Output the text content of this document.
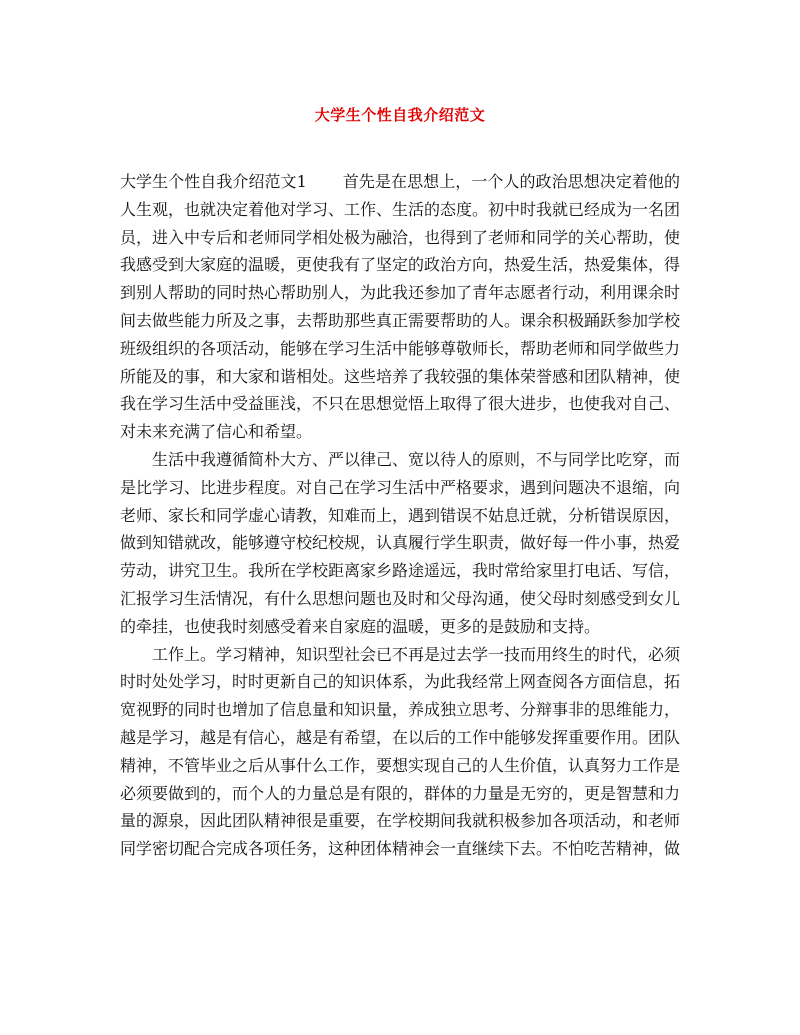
大学生个性自我介绍范文

大学生个性自我介绍范文1 首先是在思想上，一个人的政治思想决定着他的人生观，也就决定着他对学习、工作、生活的态度。初中时我就已经成为一名团员，进入中专后和老师同学相处极为融洽，也得到了老师和同学的关心帮助，使我感受到大家庭的温暖，更使我有了坚定的政治方向，热爱生活，热爱集体，得到别人帮助的同时热心帮助别人，为此我还参加了青年志愿者行动，利用课余时间去做些能力所及之事，去帮助那些真正需要帮助的人。课余积极踊跃参加学校班级组织的各项活动，能够在学习生活中能够尊敬师长，帮助老师和同学做些力所能及的事，和大家和谐相处。这些培养了我较强的集体荣誉感和团队精神，使我在学习生活中受益匪浅，不只在思想觉悟上取得了很大进步，也使我对自己、对未来充满了信心和希望。

生活中我遵循简朴大方、严以律己、宽以待人的原则，不与同学比吃穿，而是比学习、比进步程度。对自己在学习生活中严格要求，遇到问题决不退缩，向老师、家长和同学虚心请教，知难而上，遇到错误不姑息迁就，分析错误原因，做到知错就改，能够遵守校纪校规，认真履行学生职责，做好每一件小事，热爱劳动，讲究卫生。我所在学校距离家乡路途遥远，我时常给家里打电话、写信，汇报学习生活情况，有什么思想问题也及时和父母沟通，使父母时刻感受到女儿的牵挂，也使我时刻感受着来自家庭的温暖，更多的是鼓励和支持。

工作上。学习精神，知识型社会已不再是过去学一技而用终生的时代，必须时时处处学习，时时更新自己的知识体系，为此我经常上网查阅各方面信息，拓宽视野的同时也增加了信息量和知识量，养成独立思考、分辩事非的思维能力，越是学习，越是有信心，越是有希望，在以后的工作中能够发挥重要作用。团队精神，不管毕业之后从事什么工作，要想实现自己的人生价值，认真努力工作是必须要做到的，而个人的力量总是有限的，群体的力量是无穷的，更是智慧和力量的源泉，因此团队精神很是重要，在学校期间我就积极参加各项活动，和老师同学密切配合完成各项任务，这种团体精神会一直继续下去。不怕吃苦精神，做
